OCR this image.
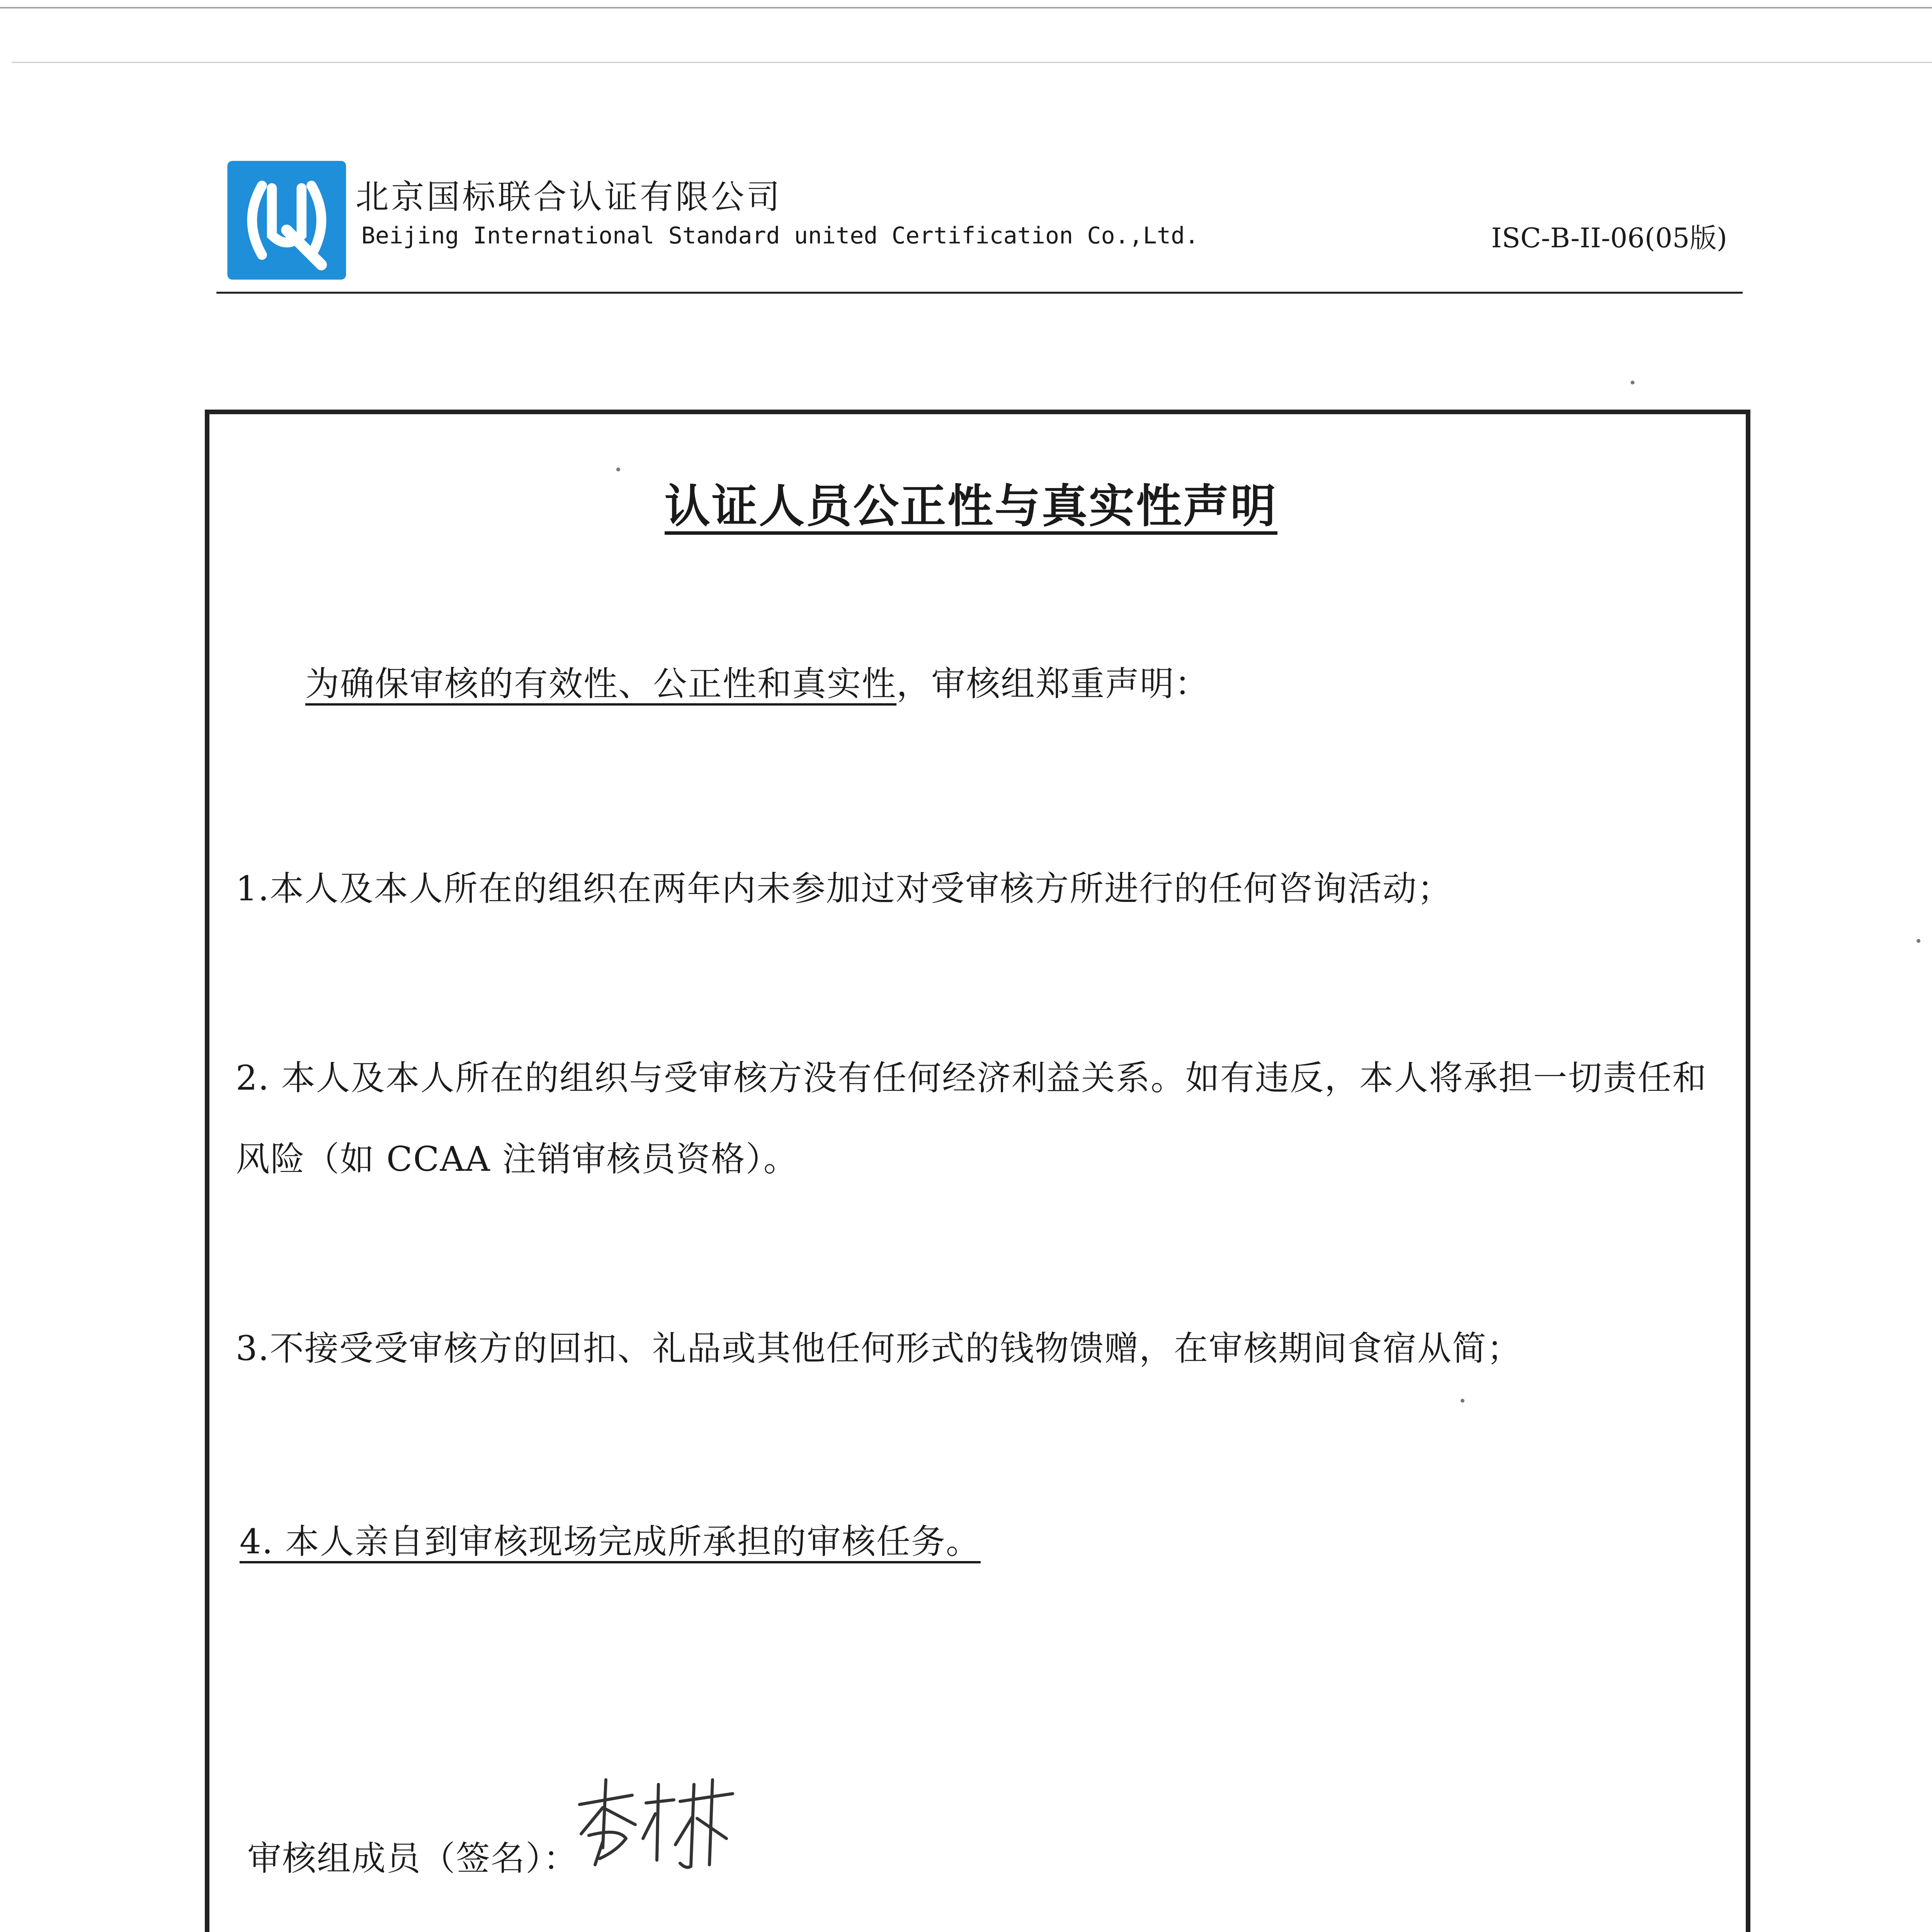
北京国标联合认证有限公司
Beijing International Standard united Certification Co.,Ltd.	ISC-B-II-06(05版)
认证人员公正性与真实性声明
为确保审核的有效性、公正性和真实性，审核组郑重声明：
1.本人及本人所在的组织在两年内未参加过对受审核方所进行的任何咨询活动；
2. 本人及本人所在的组织与受审核方没有任何经济利益关系。如有违反，本人将承担一切责任和
风险（如 CCAA 注销审核员资格）。
3.不接受受审核方的回扣、礼品或其他任何形式的钱物馈赠，在审核期间食宿从简；
4. 本人亲自到审核现场完成所承担的审核任务。
审核组成员（签名）：
